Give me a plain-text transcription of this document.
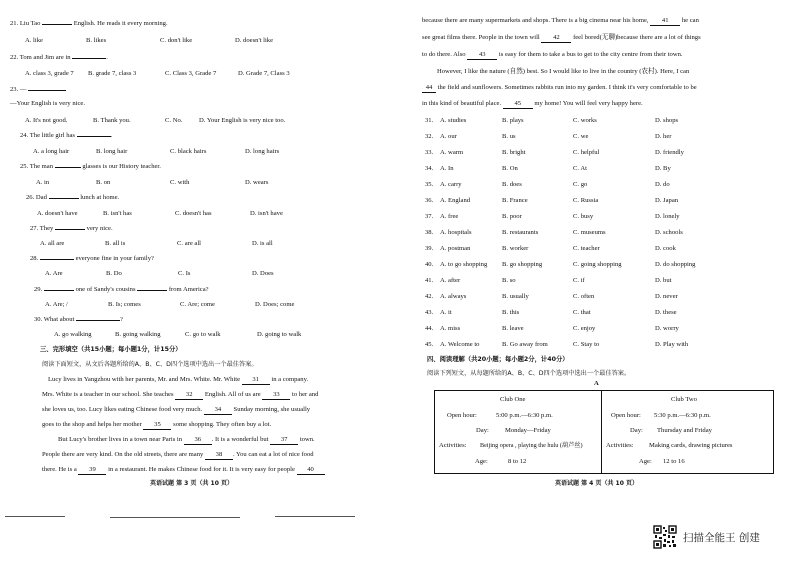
21. Liu Tao	English. He reads it every morning.
A. like	B. likes	C. don't like	D. doesn't like
22. Tom and Jim are in	.
A. class 3, grade 7 B. grade 7, class 3	C. Class 3, Grade 7	D. Grade 7, Class 3
23. —
—Your English is very nice.
A. It's not good.	B. Thank you.	C. No.	D. Your English is very nice too.
24. The little girl has	.
A. a long hair	B. long hair	C. black hairs	D. long hairs
25. The man	glasses is our History teacher.
A. in	B. on	C. with	D. wears
26. Dad	lunch at home.
A. doesn't have	B. isn't has	C. doesn't has	D. isn't have
27. They	very nice.
A. all are	B. all is	C. are all	D. is all
28.	everyone fine in your family?
A. Are	B. Do	C. Is	D. Does
29.	one of Sandy's cousins	from America?
A. Are; /	B. Is; comes	C. Are; come	D. Does; come
30. What about	?
A. go walking	B. going walking	C. go to walk	D. going to walk
三、完形填空（共15小题；每小题1分，计15分）
阅读下面短文，从文后各题所给的A、B、C、D四个选项中选出一个最佳答案。
Lucy lives in Yangzhou with her parents, Mr. and Mrs. White. Mr. White 31 in a company.
Mrs. White is a teacher in our school. She teaches 32 English. All of us are 33 to her and
she loves us, too. Lucy likes eating Chinese food very much. 34 Sunday morning, she usually
goes to the shop and helps her mother 35 some shopping. They often buy a lot.
But Lucy's brother lives in a town near Paris in 36 . It is a wonderful but 37 town.
People there are very kind. On the old streets, there are many 38 . You can eat a lot of nice food
there. He is a 39 in a restaurant. He makes Chinese food for it. It is very easy for people 40
英语试题 第 3 页（共 10 页）
because there are many supermarkets and shops. There is a big cinema near his home, 41 he can
see great films there. People in the town will 42 feel bored(无聊)because there are a lot of things
to do there. Also 43 is easy for them to take a bus to get to the city centre from their town.
However, I like the nature (自然) best. So I would like to live in the country (农村). Here, I can
44 the field and sunflowers. Sometimes rabbits run into my garden. I think it's very comfortable to be
in this kind of beautiful place. 45 my home! You will feel very happy here.
31. A. studies	B. plays	C. works	D. shops
32. A. our	B. us	C. we	D. her
33. A. warm	B. bright	C. helpful	D. friendly
34. A. In	B. On	C. At	D. By
35. A. carry	B. does	C. go	D. do
36. A. England	B. France	C. Russia	D. Japan
37. A. free	B. poor	C. busy	D. lonely
38. A. hospitals	B. restaurants	C. museums	D. schools
39. A. postman	B. worker	C. teacher	D. cook
40. A. to go shopping B. go shopping	C. going shopping	D. do shopping
41. A. after	B. so	C. if	D. but
42. A. always	B. usually	C. often	D. never
43. A. it	B. this	C. that	D. these
44. A. miss	B. leave	C. enjoy	D. worry
45. A. Welcome to	B. Go away from	C. Stay to	D. Play with
四、阅读理解（共20小题；每小题2分，计40分）
阅读下列短文，从每题所给的A、B、C、D四个选项中选出一个最佳答案。
A
Club One
Open hour:	5:00 p.m.—6:30 p.m.
Day: Monday—Friday
Activities: Beijing opera , playing the hulu (葫芦丝)
Age:	8 to 12
Club Two
Open hour: 5:30 p.m.—6:30 p.m.
Day: Thursday and Friday
Activities: Making cards, drawing pictures
Age: 12 to 16
英语试题 第 4 页（共 10 页）
扫描全能王 创建
